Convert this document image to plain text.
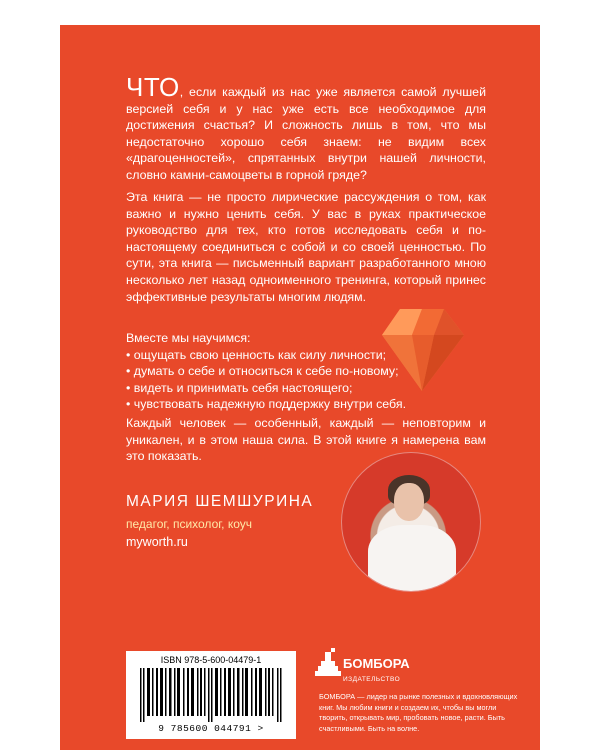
ЧТО, если каждый из нас уже является самой лучшей версией себя и у нас уже есть все необходимое для достижения счастья? И сложность лишь в том, что мы недостаточно хорошо себя знаем: не видим всех «драгоценностей», спрятанных внутри нашей личности, словно камни-самоцветы в горной гряде?
Эта книга — не просто лирические рассуждения о том, как важно и нужно ценить себя. У вас в руках практическое руководство для тех, кто готов исследовать себя и по-настоящему соединиться с собой и со своей ценностью. По сути, эта книга — письменный вариант разработанного мною несколько лет назад одноименного тренинга, который принес эффективные результаты многим людям.
Вместе мы научимся:
• ощущать свою ценность как силу личности;
• думать о себе и относиться к себе по-новому;
• видеть и принимать себя настоящего;
• чувствовать надежную поддержку внутри себя.
Каждый человек — особенный, каждый — неповторим и уникален, и в этом наша сила. В этой книге я намерена вам это показать.
МАРИЯ ШЕМШУРИНА
педагог, психолог, коуч
myworth.ru
ISBN 978-5-600-04479-1
9 785600 044791 >
БОМБОРА
ИЗДАТЕЛЬСТВО
БОМБОРА — лидер на рынке полезных и вдохновляющих книг. Мы любим книги и создаем их, чтобы вы могли творить, открывать мир, пробовать новое, расти. Быть счастливыми. Быть на волне.
